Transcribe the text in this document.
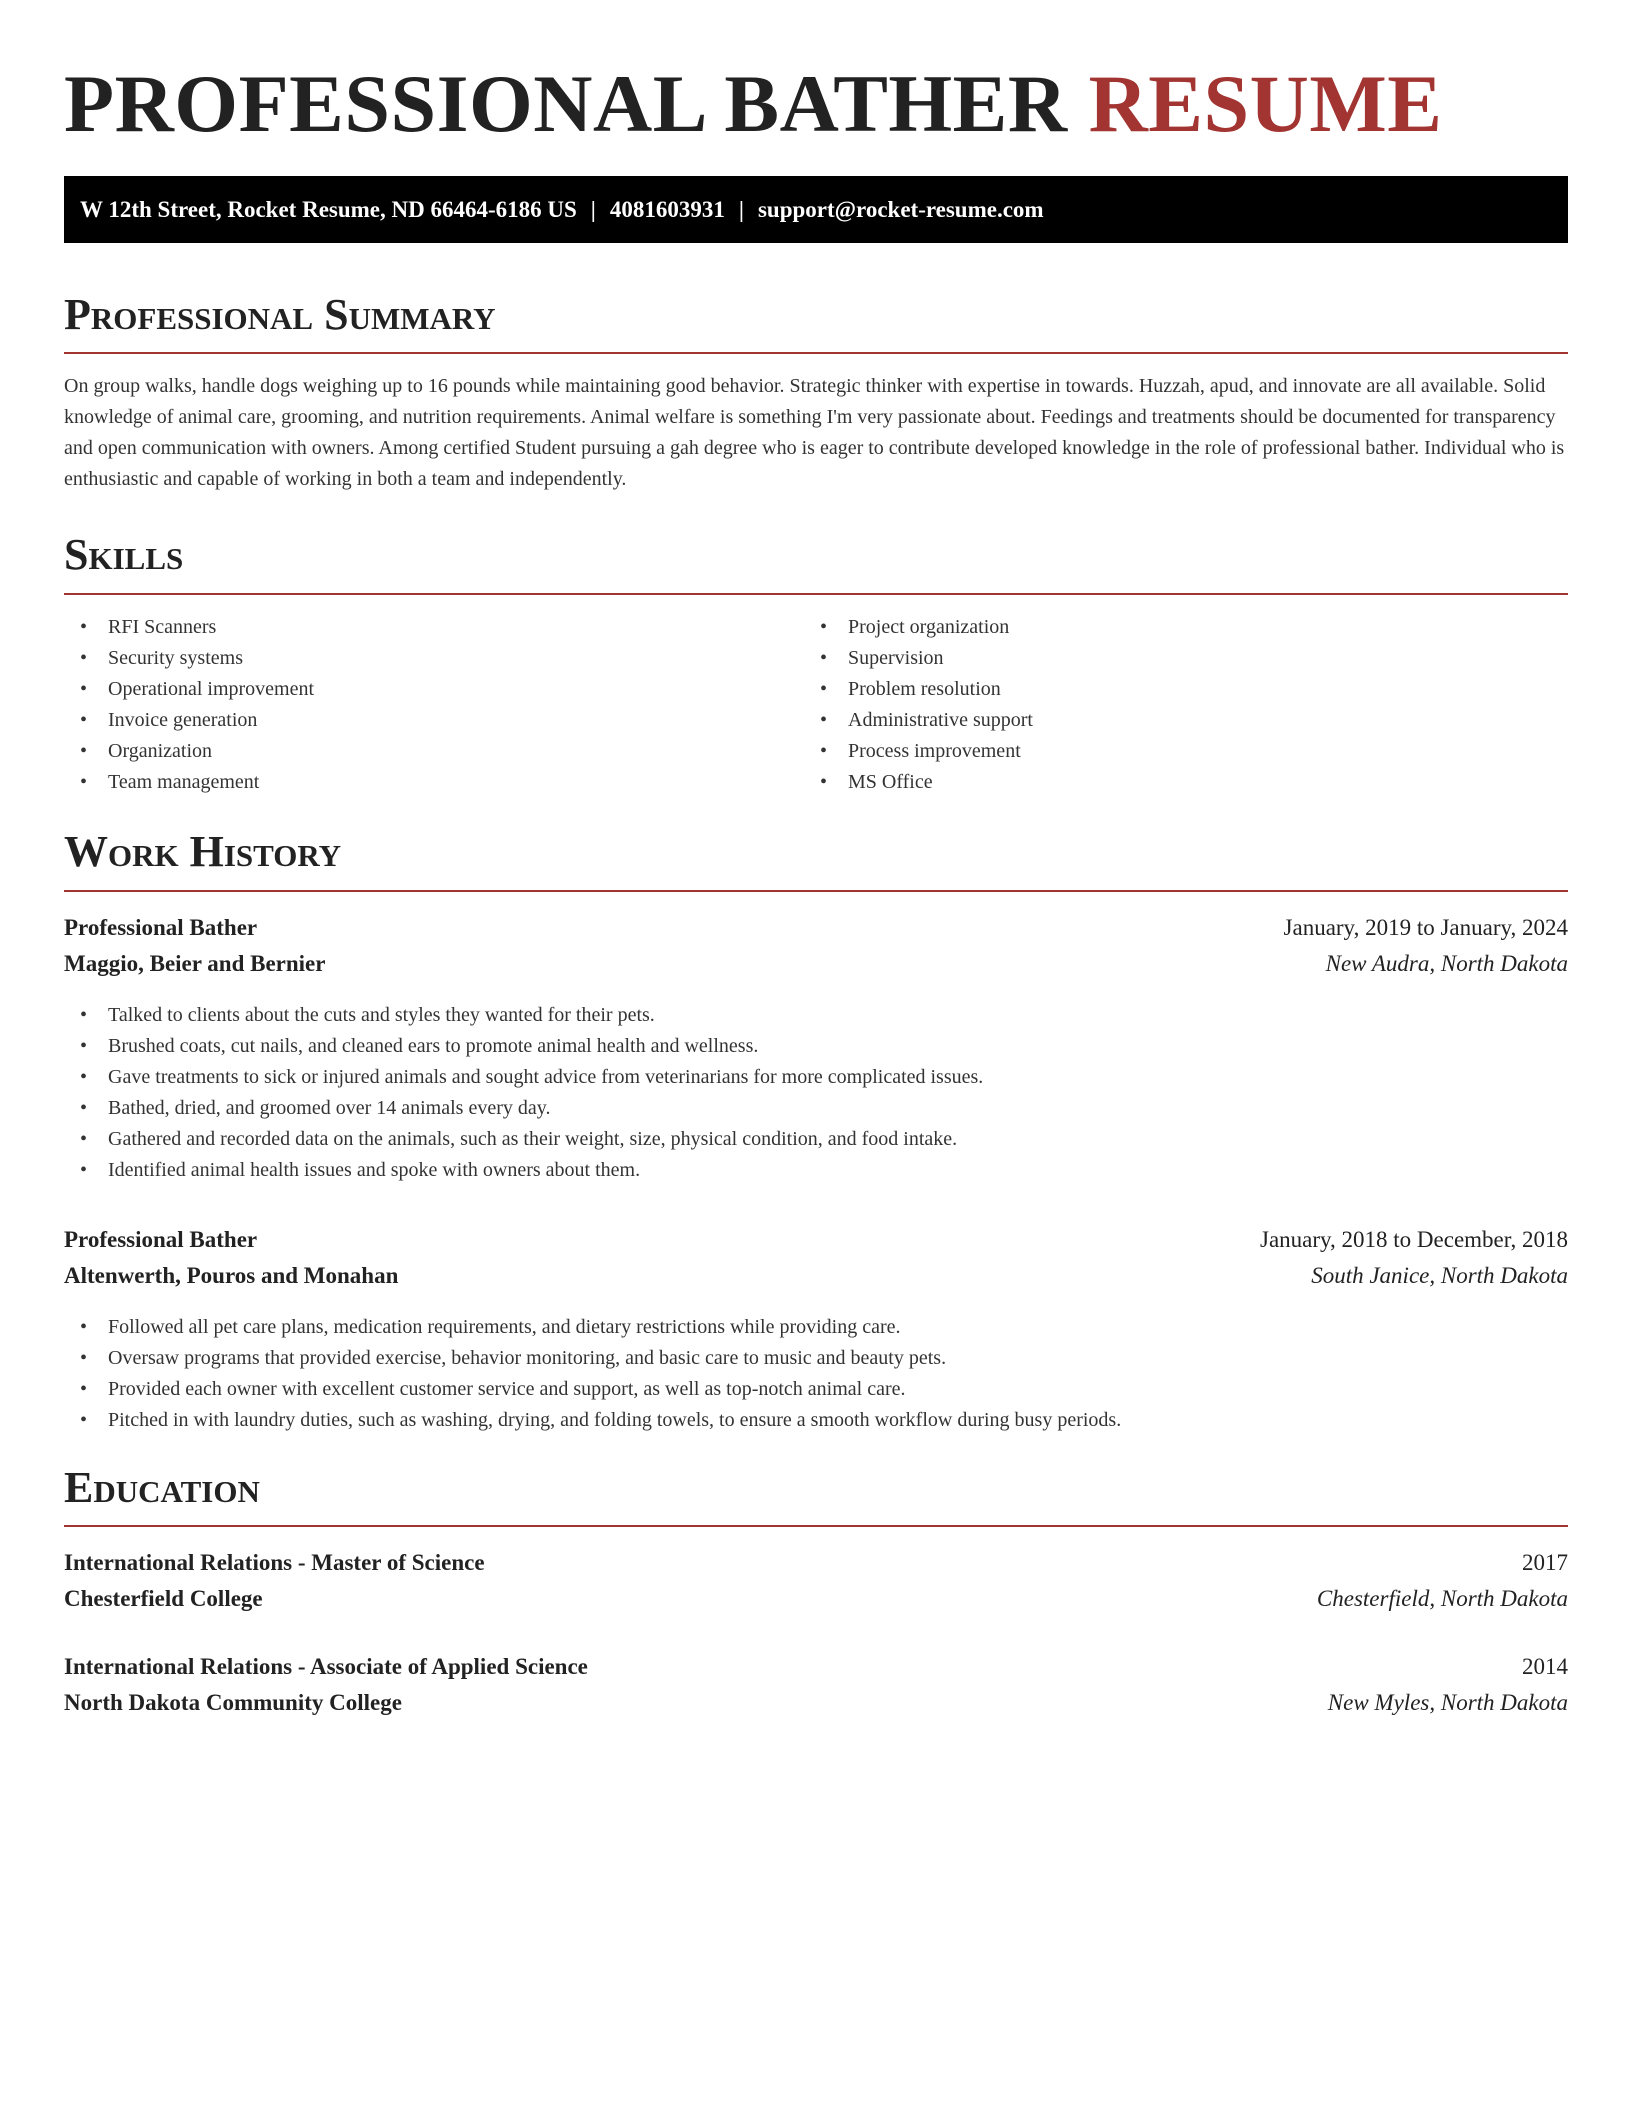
PROFESSIONAL BATHER RESUME
W 12th Street, Rocket Resume, ND 66464-6186 US | 4081603931 | support@rocket-resume.com
Professional Summary

On group walks, handle dogs weighing up to 16 pounds while maintaining good behavior. Strategic thinker with expertise in towards. Huzzah, apud, and innovate are all available. Solid knowledge of animal care, grooming, and nutrition requirements. Animal welfare is something I'm very passionate about. Feedings and treatments should be documented for transparency and open communication with owners. Among certified Student pursuing a gah degree who is eager to contribute developed knowledge in the role of professional bather. Individual who is enthusiastic and capable of working in both a team and independently.

Skills
• RFI Scanners
• Security systems
• Operational improvement
• Invoice generation
• Organization
• Team management
• Project organization
• Supervision
• Problem resolution
• Administrative support
• Process improvement
• MS Office
Work History
Professional Bather	January, 2019 to January, 2024
Maggio, Beier and Bernier	New Audra, North Dakota
• Talked to clients about the cuts and styles they wanted for their pets.
• Brushed coats, cut nails, and cleaned ears to promote animal health and wellness.
• Gave treatments to sick or injured animals and sought advice from veterinarians for more complicated issues.
• Bathed, dried, and groomed over 14 animals every day.
• Gathered and recorded data on the animals, such as their weight, size, physical condition, and food intake.
• Identified animal health issues and spoke with owners about them.
Professional Bather	January, 2018 to December, 2018
Altenwerth, Pouros and Monahan	South Janice, North Dakota
• Followed all pet care plans, medication requirements, and dietary restrictions while providing care.
• Oversaw programs that provided exercise, behavior monitoring, and basic care to music and beauty pets.
• Provided each owner with excellent customer service and support, as well as top-notch animal care.
• Pitched in with laundry duties, such as washing, drying, and folding towels, to ensure a smooth workflow during busy periods.
Education
International Relations - Master of Science	2017
Chesterfield College	Chesterfield, North Dakota
International Relations - Associate of Applied Science	2014
North Dakota Community College	New Myles, North Dakota
